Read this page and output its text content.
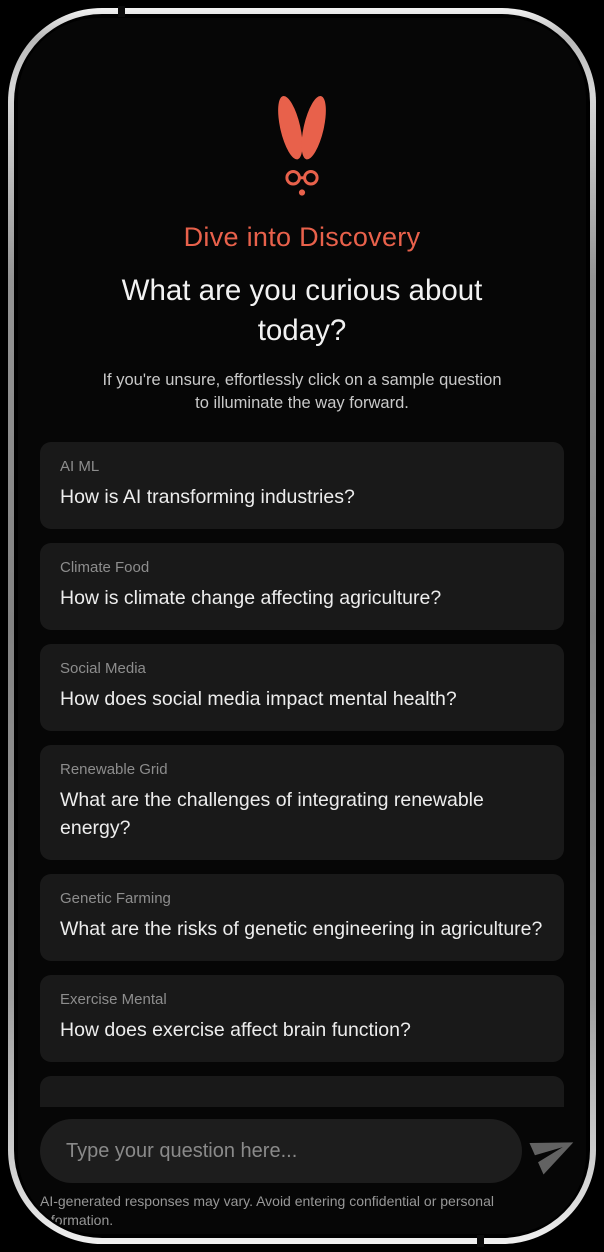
Dive into Discovery
What are you curious about today?

If you're unsure, effortlessly click on a sample question to illuminate the way forward.

AI ML
How is AI transforming industries?
Climate Food
How is climate change affecting agriculture?
Social Media
How does social media impact mental health?
Renewable Grid
What are the challenges of integrating renewable energy?
Genetic Farming
What are the risks of genetic engineering in agriculture?
Exercise Mental
How does exercise affect brain function?
Type your question here...

AI-generated responses may vary. Avoid entering confidential or personal information.
